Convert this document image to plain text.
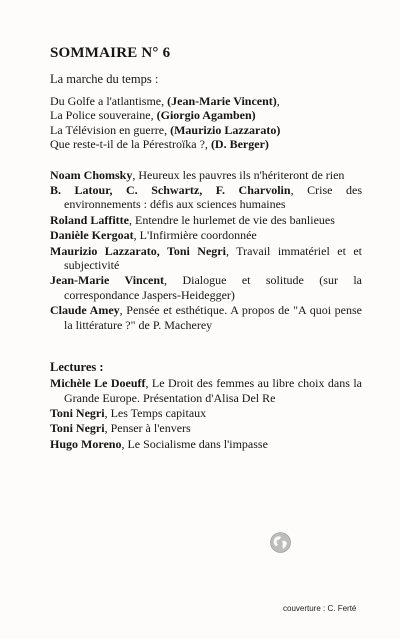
SOMMAIRE N° 6

La marche du temps :

Du Golfe a l'atlantisme, (Jean-Marie Vincent),

La Police souveraine, (Giorgio Agamben)

La Télévision en guerre, (Maurizio Lazzarato)

Que reste-t-il de la Pérestroïka ?, (D. Berger)

Noam Chomsky, Heureux les pauvres ils n'hériteront de rien

B. Latour, C. Schwartz, F. Charvolin, Crise des environnements : défis aux sciences humaines

Roland Laffitte, Entendre le hurlemet de vie des banlieues

Danièle Kergoat, L'Infirmière coordonnée

Maurizio Lazzarato, Toni Negri, Travail immatériel et et subjectivité

Jean-Marie Vincent, Dialogue et solitude (sur la correspondance Jaspers-Heidegger)

Claude Amey, Pensée et esthétique. A propos de "A quoi pense la littérature ?" de P. Macherey

Lectures :

Michèle Le Doeuff, Le Droit des femmes au libre choix dans la Grande Europe. Présentation d'Alisa Del Re

Toni Negri, Les Temps capitaux

Toni Negri, Penser à l'envers

Hugo Moreno, Le Socialisme dans l'impasse

couverture : C. Ferté
